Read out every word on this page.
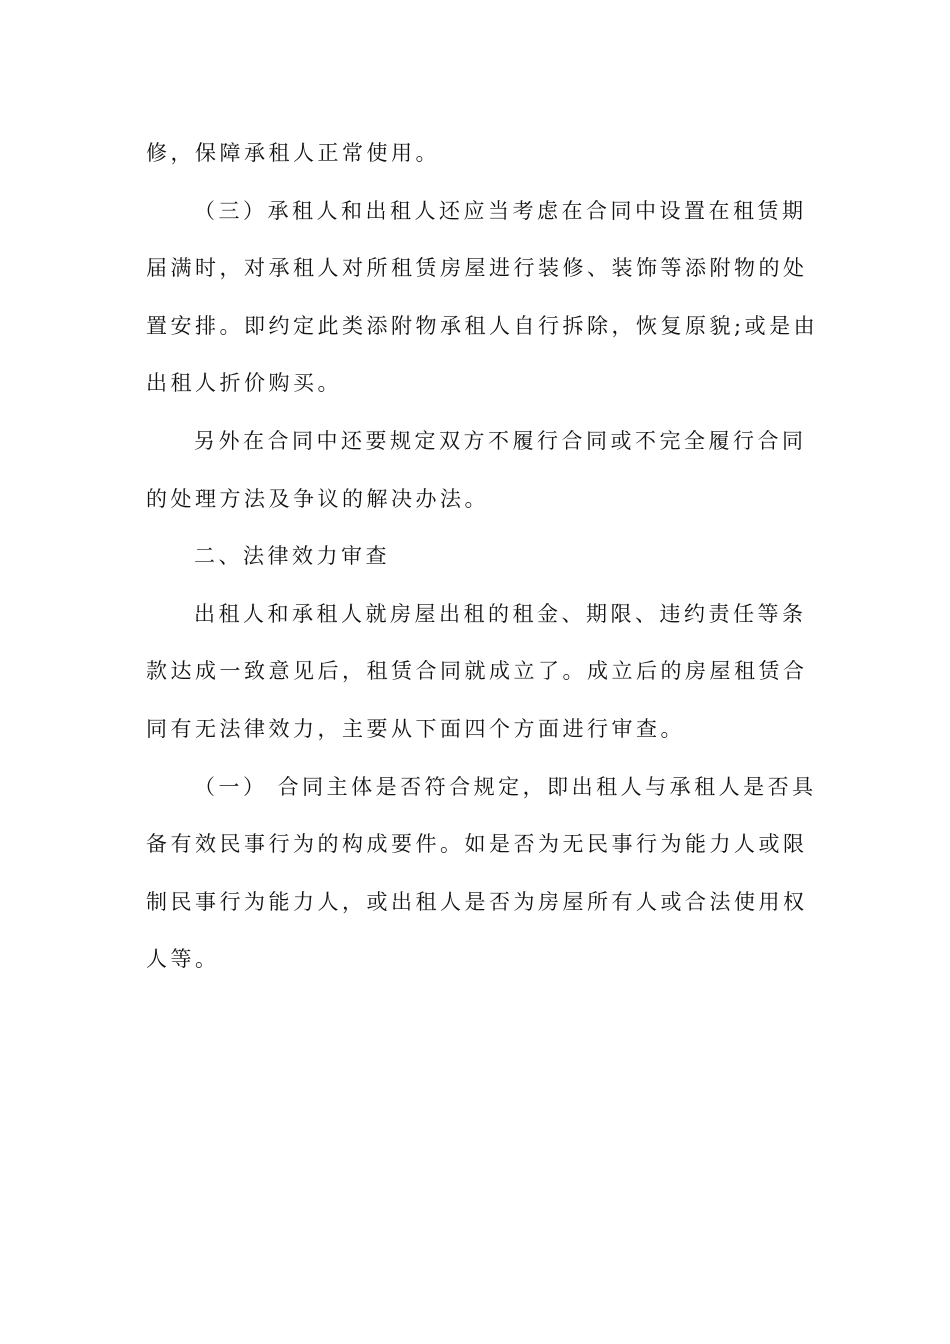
修，保障承租人正常使用。
（三）承租人和出租人还应当考虑在合同中设置在租赁期
届满时，对承租人对所租赁房屋进行装修、装饰等添附物的处
置安排。即约定此类添附物承租人自行拆除，恢复原貌;或是由
出租人折价购买。
另外在合同中还要规定双方不履行合同或不完全履行合同
的处理方法及争议的解决办法。
二、法律效力审查
出租人和承租人就房屋出租的租金、期限、违约责任等条
款达成一致意见后，租赁合同就成立了。成立后的房屋租赁合
同有无法律效力，主要从下面四个方面进行审查。
（一） 合同主体是否符合规定，即出租人与承租人是否具
备有效民事行为的构成要件。如是否为无民事行为能力人或限
制民事行为能力人，或出租人是否为房屋所有人或合法使用权
人等。
